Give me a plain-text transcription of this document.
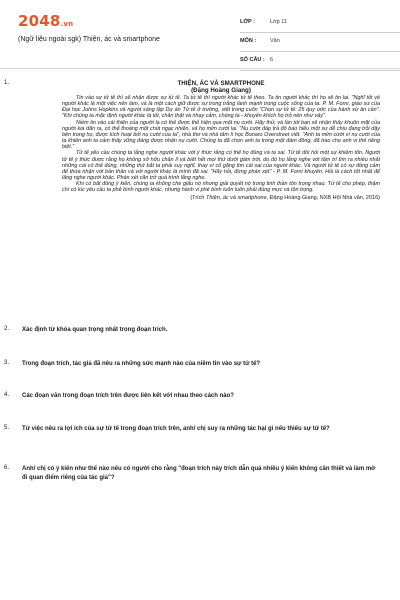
2048.vn
(Ngữ liệu ngoài sgk) Thiện, ác và smartphone
LỚP :	Lớp 11
MÔN :	Văn
SỐ CÂU : 6
1.	THIỆN, ÁC VÀ SMARTPHONE
(Đặng Hoàng Giang)

Tin vào sự tử tế thì sẽ nhận được sự tử tế. Ta tử tế thì người khác tử tế theo. Ta tin người khác thì họ sẽ tin lại. "Nghĩ tốt về người khác là một việc nên làm, và là một cách giữ được sự trong trắng lành mạnh trong cuộc sống của ta. P. M. Forni, giáo sư của Đại học Johns Hopkins và người sáng lập Dự án Tử tế ở trường, viết trong cuốn "Chọn sự tử tế: 25 quy ước của hành xử ân cần". "Khi chúng ta mặc định người khác là tốt, chân thật và nhạy cảm, chúng ta - khuyến khích họ trở nên như vậy".

Niềm tin vào cái thiện của người lạ có thể được thể hiện qua một nụ cười. Hãy thử, và lần tới bạn sẽ nhận thấy khuôn mặt của người kia dãn ra, có thể thoáng một chút ngạc nhiên, và họ mỉm cười lại. "Nụ cười đáp trả đó bao hiếu một sự dễ chịu đang trỗi dậy bên trong họ, được kích hoạt bởi nụ cười của ta", nhà thơ và nhà tâm lí học Bonaro Overstreet viết. "Anh ta mỉm cười vì nụ cười của ta khiến anh ta cảm thấy vững đáng được nhận nụ cười. Chúng ta đã chọn anh ta trong một đám đông, đã trao cho anh vị thế riêng biệt."

Tử tế yêu cầu chúng ta lắng nghe người khác với ý thức rằng có thể họ đúng và ta sai. Tử tế đòi hỏi một sự khiêm tốn. Người tử tế ý thức được rằng họ không sở hữu chân lí và biết hết mọi thứ dưới gầm trời, do đó họ lắng nghe với tâm trí tìm ra nhiều nhất những cái có thể đúng, những thứ bắt ta phải suy nghĩ, thay vì cố găng tìm cái sai của người khác. Và người tử tế có sự đồng cảm để thừa nhận với bản thân và với người khác là mình đã sai. "Hãy hỏi, đừng phán xét" - P. M. Forni khuyên. Hỏi là cách tốt nhất để lắng nghe người khác. Phán xét căn trở quá trình lắng nghe.

Khi có bất đồng ý kiến, chúng ta không che giấu nó nhưng giải quyết nó trong tinh thần tôn trọng nhau. Tử tế cho phép, thậm chí có lúc yêu cầu ta phê bình người khác, nhưng hành vi phê bình luôn luôn phải đúng mực và tôn trọng.

(Trích Thiện, ác và smartphone, Đặng Hoàng Giang, NXB Hội Nhà văn, 2016)
2.	Xác định từ khóa quan trọng nhất trong đoạn trích.
3.	Trong đoạn trích, tác giả đã nêu ra những sức mạnh nào của niềm tin vào sự tử tế?
4.	Các đoạn văn trong đoạn trích trên được liên kết với nhau theo cách nào?
5.	Từ việc nêu ra lợi ích của sự tử tế trong đoạn trích trên, anh/ chị suy ra những tác hại gì nếu thiếu sự tử tế?
6.	Anh/ chị có ý kiến như thế nào nếu có người cho rằng "đoạn trích này trích dẫn quá nhiều ý kiến không cần thiết và làm mờ đi quan điểm riêng của tác giả"?
